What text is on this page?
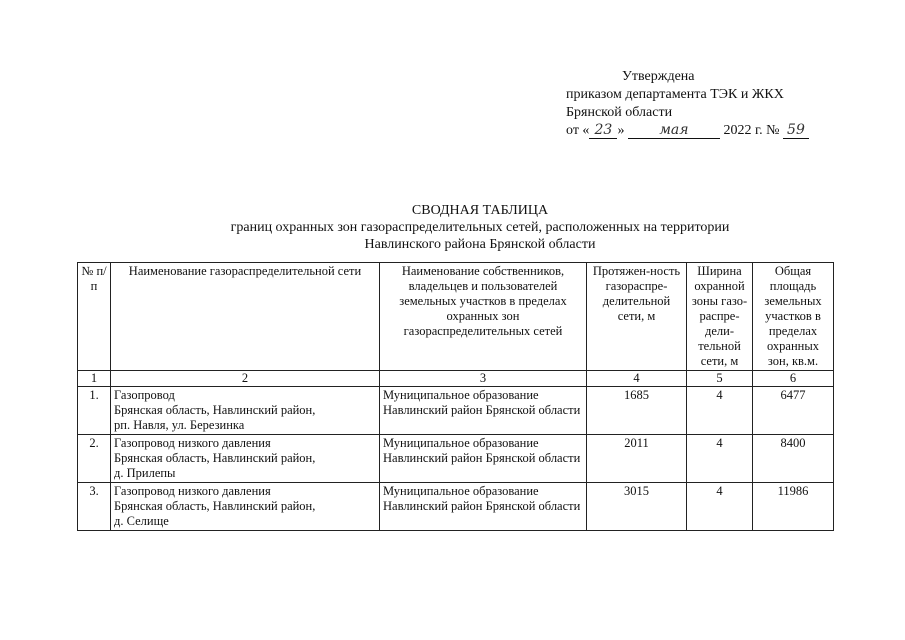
Утверждена
приказом департамента ТЭК и ЖКХ
Брянской области
от « 23 » мая 2022 г. № 59
СВОДНАЯ ТАБЛИЦА
границ охранных зон газораспределительных сетей, расположенных на территории
Навлинского района Брянской области
№ п/п	Наименование газораспределительной сети	Наименование собственников, владельцев и пользователей земельных участков в пределах охранных зон газораспределительных сетей	Протяжен-ность газораспре-делительной сети, м	Ширина охранной зоны газо-распре-дели-тельной сети, м	Общая площадь земельных участков в пределах охранных зон, кв.м.
1	2	3	4	5	6
1.	Газопровод
Брянская область, Навлинский район,
рп. Навля, ул. Березинка	Муниципальное образование Навлинский район Брянской области	1685	4	6477
2.	Газопровод низкого давления
Брянская область, Навлинский район,
д. Прилепы	Муниципальное образование Навлинский район Брянской области	2011	4	8400
3.	Газопровод низкого давления
Брянская область, Навлинский район,
д. Селище	Муниципальное образование Навлинский район Брянской области	3015	4	11986
